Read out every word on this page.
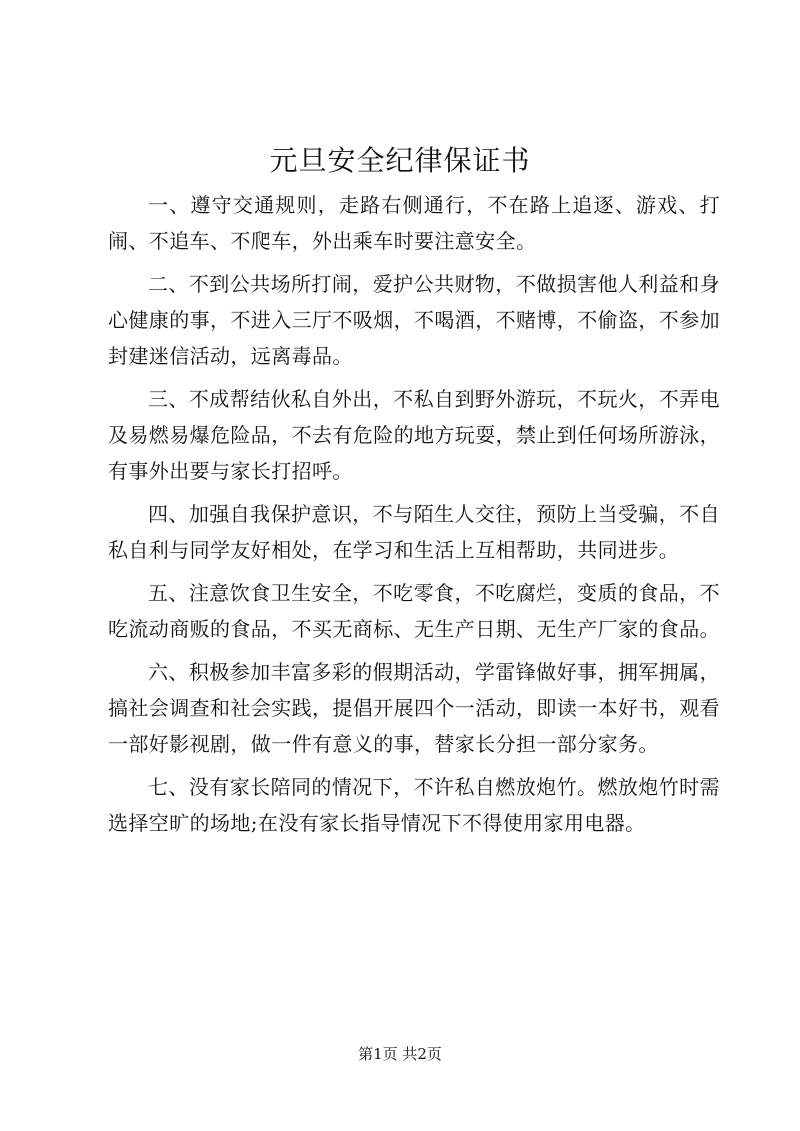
元旦安全纪律保证书

一、遵守交通规则，走路右侧通行，不在路上追逐、游戏、打闹、不追车、不爬车，外出乘车时要注意安全。

二、不到公共场所打闹，爱护公共财物，不做损害他人利益和身心健康的事，不进入三厅不吸烟，不喝酒，不赌博，不偷盗，不参加封建迷信活动，远离毒品。

三、不成帮结伙私自外出，不私自到野外游玩，不玩火，不弄电及易燃易爆危险品，不去有危险的地方玩耍，禁止到任何场所游泳，有事外出要与家长打招呼。

四、加强自我保护意识，不与陌生人交往，预防上当受骗，不自私自利与同学友好相处，在学习和生活上互相帮助，共同进步。

五、注意饮食卫生安全，不吃零食，不吃腐烂，变质的食品，不吃流动商贩的食品，不买无商标、无生产日期、无生产厂家的食品。

六、积极参加丰富多彩的假期活动，学雷锋做好事，拥军拥属，搞社会调查和社会实践，提倡开展四个一活动，即读一本好书，观看一部好影视剧，做一件有意义的事，替家长分担一部分家务。

七、没有家长陪同的情况下，不许私自燃放炮竹。燃放炮竹时需选择空旷的场地;在没有家长指导情况下不得使用家用电器。

第1页 共2页
